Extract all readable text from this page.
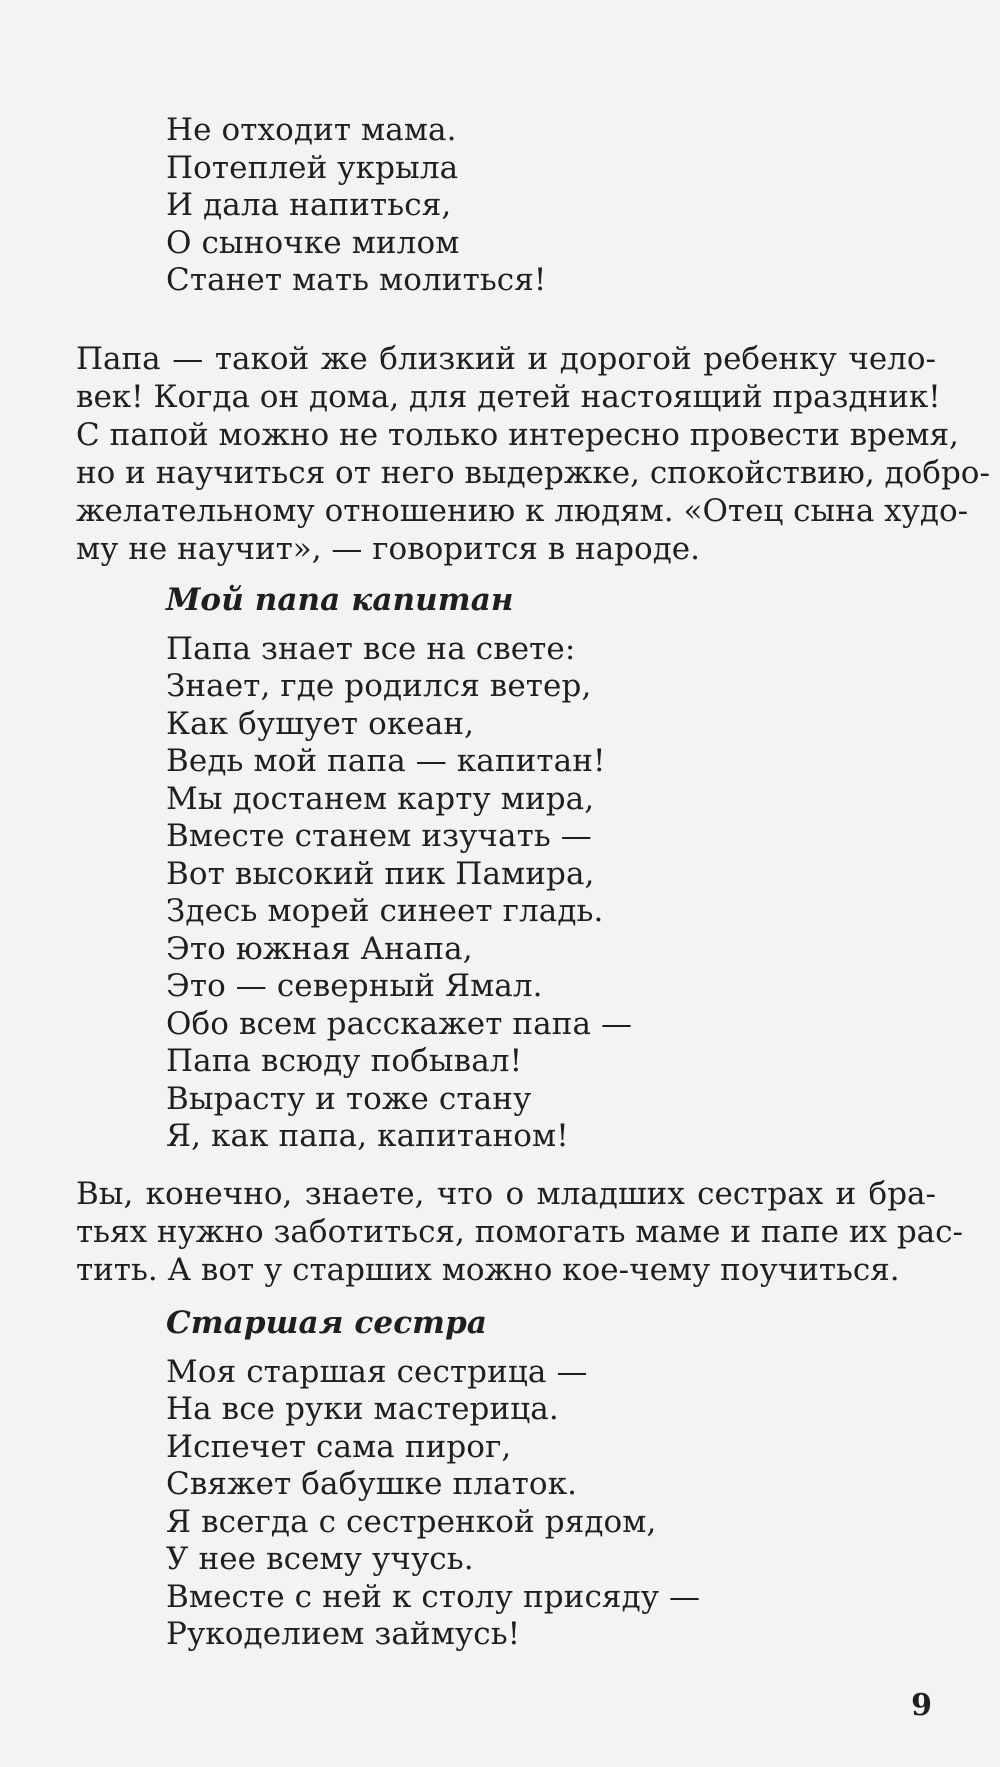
Не отходит мама.
Потеплей укрыла
И дала напиться,
О сыночке милом
Станет мать молиться!
Папа — такой же близкий и дорогой ребенку чело-
век! Когда он дома, для детей настоящий праздник!
С папой можно не только интересно провести время,
но и научиться от него выдержке, спокойствию, добро-
желательному отношению к людям. «Отец сына худо-
му не научит», — говорится в народе.
Мой папа капитан
Папа знает все на свете:
Знает, где родился ветер,
Как бушует океан,
Ведь мой папа — капитан!
Мы достанем карту мира,
Вместе станем изучать —
Вот высокий пик Памира,
Здесь морей синеет гладь.
Это южная Анапа,
Это — северный Ямал.
Обо всем расскажет папа —
Папа всюду побывал!
Вырасту и тоже стану
Я, как папа, капитаном!
Вы, конечно, знаете, что о младших сестрах и бра-
тьях нужно заботиться, помогать маме и папе их рас-
тить. А вот у старших можно кое-чему поучиться.
Старшая сестра
Моя старшая сестрица —
На все руки мастерица.
Испечет сама пирог,
Свяжет бабушке платок.
Я всегда с сестренкой рядом,
У нее всему учусь.
Вместе с ней к столу присяду —
Рукоделием займусь!
9
